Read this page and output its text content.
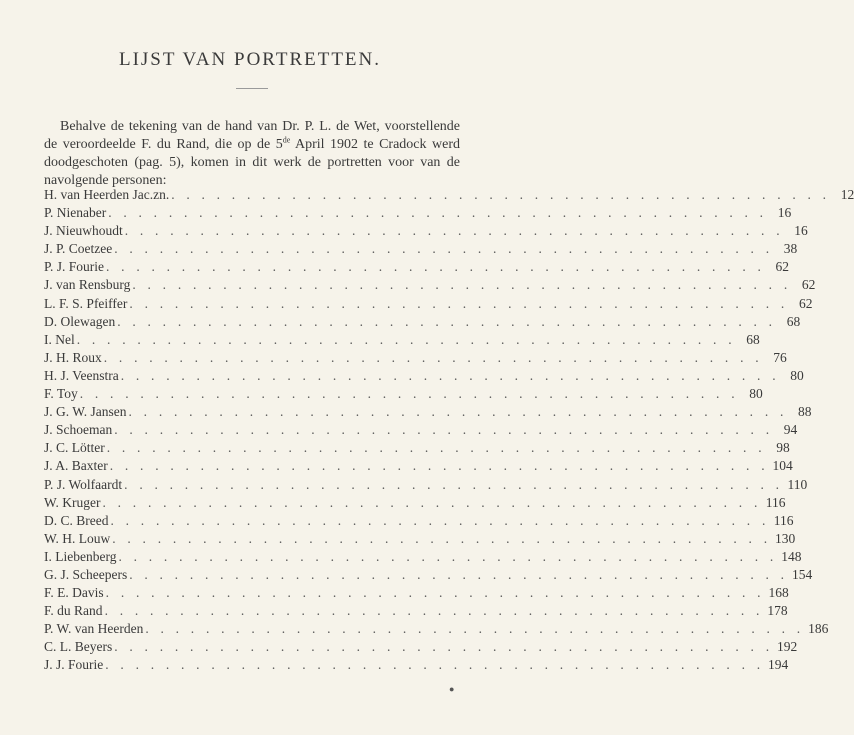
LIJST VAN PORTRETTEN.

Behalve de tekening van de hand van Dr. P. L. de Wet, voorstellende de veroordeelde F. du Rand, die op de 5de April 1902 te Cradock werd doodgeschoten (pag. 5), komen in dit werk de portretten voor van de navolgende personen:

H. van Heerden Jac.zn. . . . . . . . . . . . . . . . . . . . . . . . . . . . . . . . . . . . . . . . . . . . . 12
P. Nienaber . . . . . . . . . . . . . . . . . . . . . . . . . . . . . . . . . . . . . . . . . . . . 16
J. Nieuwhoudt . . . . . . . . . . . . . . . . . . . . . . . . . . . . . . . . . . . . . . . . . . . . 16
J. P. Coetzee . . . . . . . . . . . . . . . . . . . . . . . . . . . . . . . . . . . . . . . . . . . . 38
P. J. Fourie . . . . . . . . . . . . . . . . . . . . . . . . . . . . . . . . . . . . . . . . . . . . 62
J. van Rensburg . . . . . . . . . . . . . . . . . . . . . . . . . . . . . . . . . . . . . . . . . . . . 62
L. F. S. Pfeiffer . . . . . . . . . . . . . . . . . . . . . . . . . . . . . . . . . . . . . . . . . . . . 62
D. Olewagen . . . . . . . . . . . . . . . . . . . . . . . . . . . . . . . . . . . . . . . . . . . . 68
I. Nel . . . . . . . . . . . . . . . . . . . . . . . . . . . . . . . . . . . . . . . . . . . . 68
J. H. Roux . . . . . . . . . . . . . . . . . . . . . . . . . . . . . . . . . . . . . . . . . . . . 76
H. J. Veenstra . . . . . . . . . . . . . . . . . . . . . . . . . . . . . . . . . . . . . . . . . . . . 80
F. Toy . . . . . . . . . . . . . . . . . . . . . . . . . . . . . . . . . . . . . . . . . . . . 80
J. G. W. Jansen . . . . . . . . . . . . . . . . . . . . . . . . . . . . . . . . . . . . . . . . . . . . 88
J. Schoeman . . . . . . . . . . . . . . . . . . . . . . . . . . . . . . . . . . . . . . . . . . . . 94
J. C. Lötter . . . . . . . . . . . . . . . . . . . . . . . . . . . . . . . . . . . . . . . . . . . . 98
J. A. Baxter . . . . . . . . . . . . . . . . . . . . . . . . . . . . . . . . . . . . . . . . . . . . 104
P. J. Wolfaardt . . . . . . . . . . . . . . . . . . . . . . . . . . . . . . . . . . . . . . . . . . . . 110
W. Kruger . . . . . . . . . . . . . . . . . . . . . . . . . . . . . . . . . . . . . . . . . . . . 116
D. C. Breed . . . . . . . . . . . . . . . . . . . . . . . . . . . . . . . . . . . . . . . . . . . . 116
W. H. Louw . . . . . . . . . . . . . . . . . . . . . . . . . . . . . . . . . . . . . . . . . . . . 130
I. Liebenberg . . . . . . . . . . . . . . . . . . . . . . . . . . . . . . . . . . . . . . . . . . . . 148
G. J. Scheepers . . . . . . . . . . . . . . . . . . . . . . . . . . . . . . . . . . . . . . . . . . . . 154
F. E. Davis . . . . . . . . . . . . . . . . . . . . . . . . . . . . . . . . . . . . . . . . . . . . 168
F. du Rand . . . . . . . . . . . . . . . . . . . . . . . . . . . . . . . . . . . . . . . . . . . . 178
P. W. van Heerden . . . . . . . . . . . . . . . . . . . . . . . . . . . . . . . . . . . . . . . . . . . . 186
C. L. Beyers . . . . . . . . . . . . . . . . . . . . . . . . . . . . . . . . . . . . . . . . . . . . 192
J. J. Fourie . . . . . . . . . . . . . . . . . . . . . . . . . . . . . . . . . . . . . . . . . . . . 194
●
